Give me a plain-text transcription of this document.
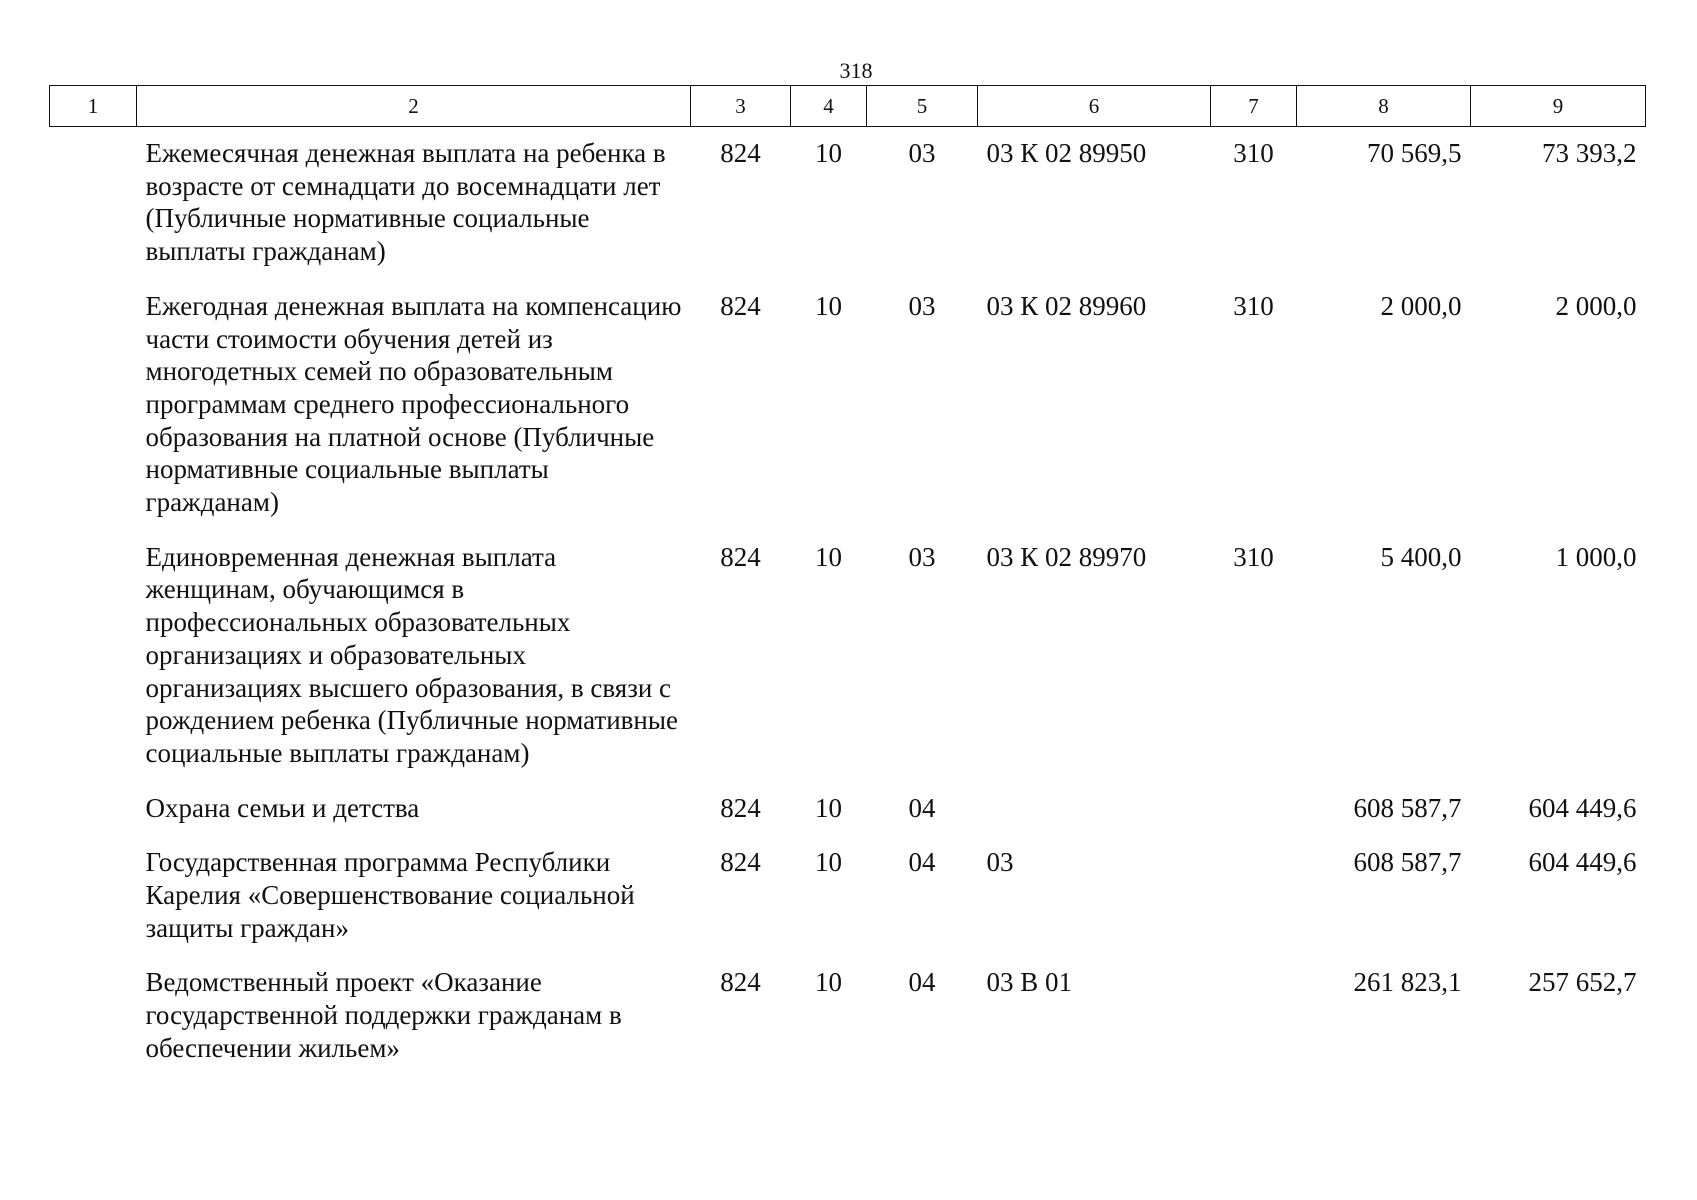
318
1	2	3	4	5	6	7	8	9
	Ежемесячная денежная выплата на ребенка в возрасте от семнадцати до восемнадцати лет (Публичные нормативные социальные выплаты гражданам)	824	10	03	03 К 02 89950	310	70 569,5	73 393,2
	Ежегодная денежная выплата на компенсацию части стоимости обучения детей из многодетных семей по образовательным программам среднего профессионального образования на платной основе (Публичные нормативные социальные выплаты гражданам)	824	10	03	03 К 02 89960	310	2 000,0	2 000,0
	Единовременная денежная выплата женщинам, обучающимся в профессиональных образовательных организациях и образовательных организациях высшего образования, в связи с рождением ребенка (Публичные нормативные социальные выплаты гражданам)	824	10	03	03 К 02 89970	310	5 400,0	1 000,0
	Охрана семьи и детства	824	10	04			608 587,7	604 449,6
	Государственная программа Республики Карелия «Совершенствование социальной защиты граждан»	824	10	04	03		608 587,7	604 449,6
	Ведомственный проект «Оказание государственной поддержки гражданам в обеспечении жильем»	824	10	04	03 В 01		261 823,1	257 652,7
